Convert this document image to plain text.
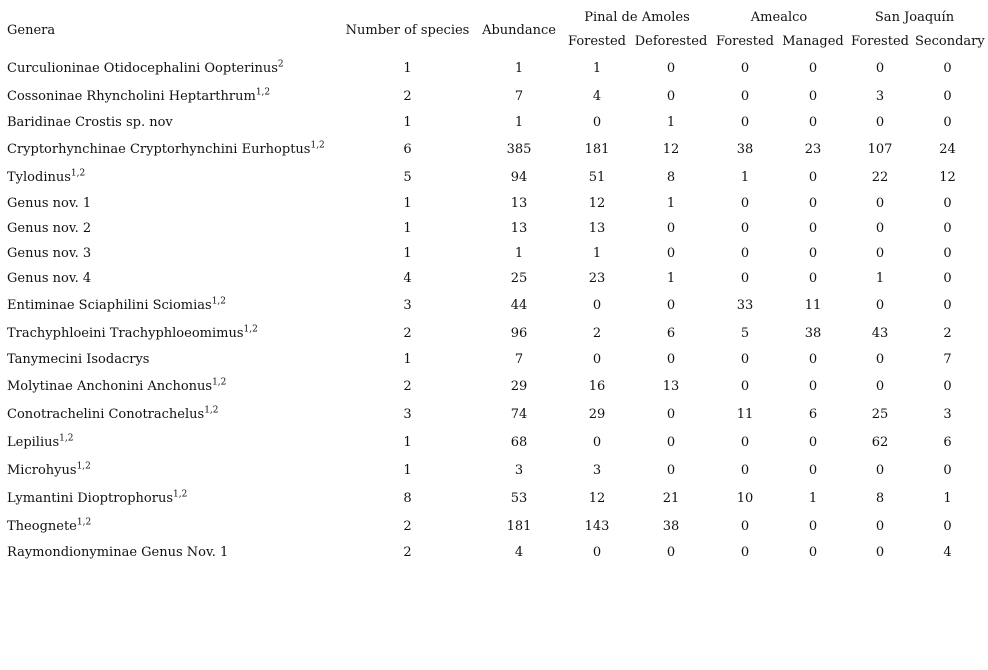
Genera	Number of species	Abundance	Pinal de Amoles		Amealco		San Joaquín	
			Forested	Deforested	Forested	Managed	Forested	Secondary
Curculioninae Otidocephalini Oopterinus$^2$	1	1	1	0	0	0	0	0
Cossoninae Rhyncholini Heptarthrum$^{1,2}$	2	7	4	0	0	0	3	0
Baridinae Crostis sp. nov	1	1	0	1	0	0	0	0
Cryptorhynchinae Cryptorhynchini Eurhoptus$^{1,2}$	6	385	181	12	38	23	107	24
Tylodinus$^{1,2}$	5	94	51	8	1	0	22	12
Genus nov. 1	1	13	12	1	0	0	0	0
Genus nov. 2	1	13	13	0	0	0	0	0
Genus nov. 3	1	1	1	0	0	0	0	0
Genus nov. 4	4	25	23	1	0	0	1	0
Entiminae Sciaphilini Sciomias$^{1,2}$	3	44	0	0	33	11	0	0
Trachyphloeini Trachyphloeomimus$^{1,2}$	2	96	2	6	5	38	43	2
Tanymecini Isodacrys	1	7	0	0	0	0	0	7
Molytinae Anchonini Anchonus$^{1,2}$	2	29	16	13	0	0	0	0
Conotrachelini Conotrachelus$^{1,2}$	3	74	29	0	11	6	25	3
Lepilius$^{1,2}$	1	68	0	0	0	0	62	6
Microhyus$^{1,2}$	1	3	3	0	0	0	0	0
Lymantini Dioptrophorus$^{1,2}$	8	53	12	21	10	1	8	1
Theognete$^{1,2}$	2	181	143	38	0	0	0	0
Raymondionyminae Genus Nov. 1	2	4	0	0	0	0	0	4
